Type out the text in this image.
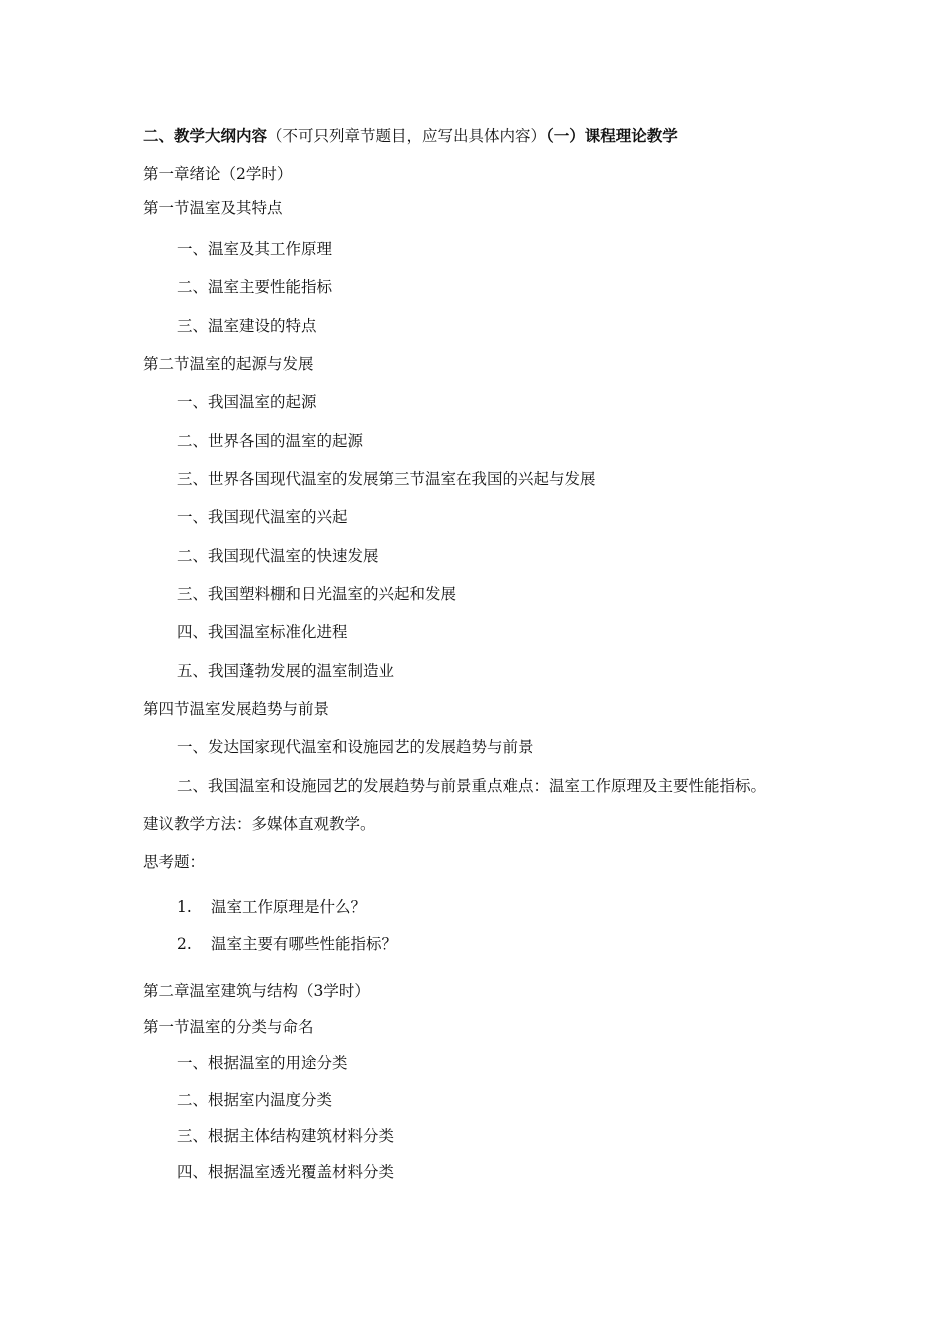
二、教学大纲内容（不可只列章节题目，应写出具体内容）（一）课程理论教学
第一章绪论（2学时）
第一节温室及其特点
一、温室及其工作原理
二、温室主要性能指标
三、温室建设的特点
第二节温室的起源与发展
一、我国温室的起源
二、世界各国的温室的起源
三、世界各国现代温室的发展第三节温室在我国的兴起与发展
一、我国现代温室的兴起
二、我国现代温室的快速发展
三、我国塑料棚和日光温室的兴起和发展
四、我国温室标准化进程
五、我国蓬勃发展的温室制造业
第四节温室发展趋势与前景
一、发达国家现代温室和设施园艺的发展趋势与前景
二、我国温室和设施园艺的发展趋势与前景重点难点：温室工作原理及主要性能指标。
建议教学方法：多媒体直观教学。
思考题：
1. 温室工作原理是什么？
2. 温室主要有哪些性能指标？
第二章温室建筑与结构（3学时）
第一节温室的分类与命名
一、根据温室的用途分类
二、根据室内温度分类
三、根据主体结构建筑材料分类
四、根据温室透光覆盖材料分类
